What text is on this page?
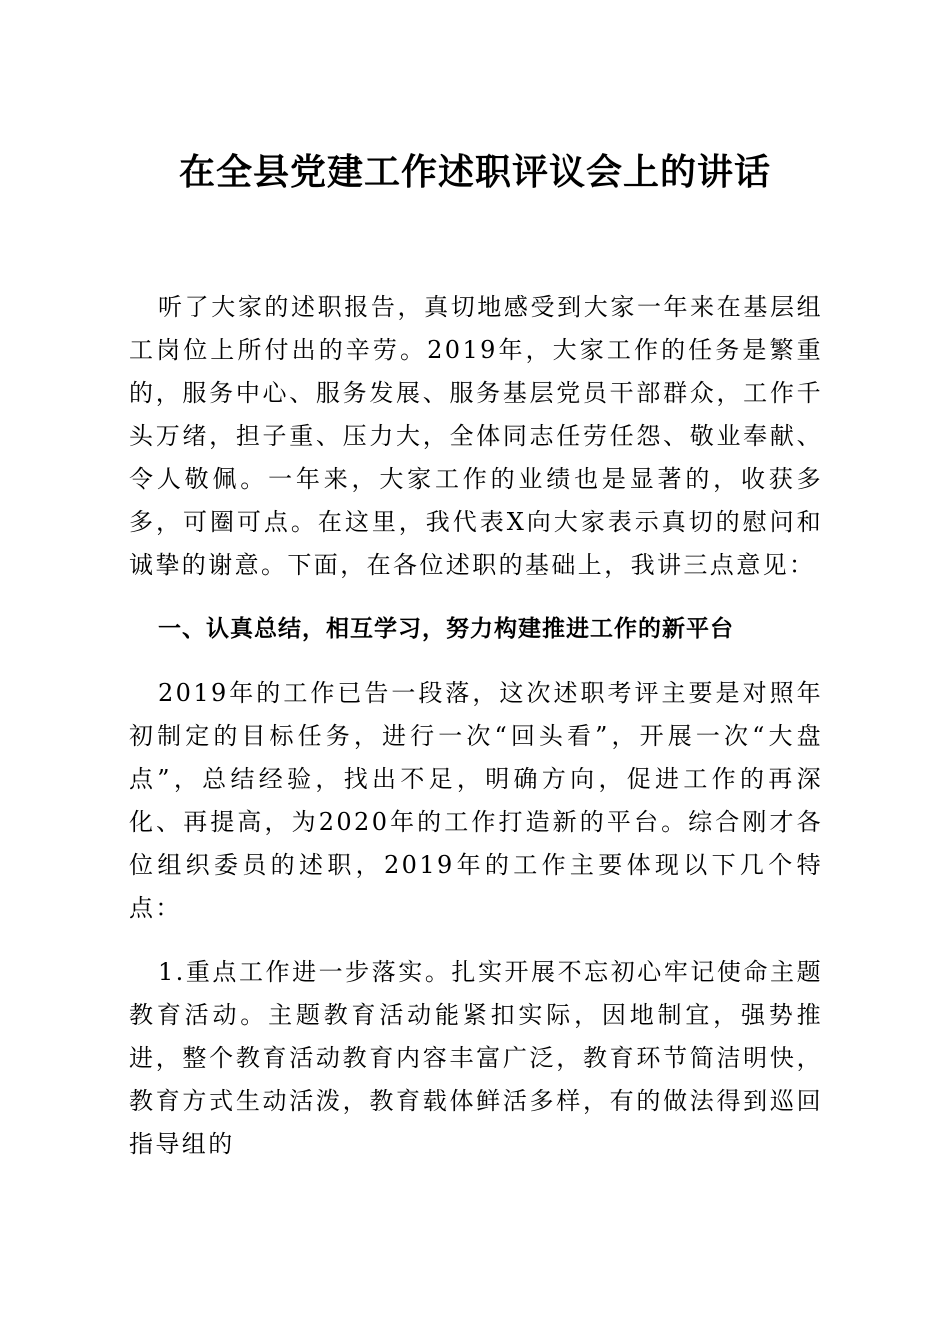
在全县党建工作述职评议会上的讲话

听了大家的述职报告，真切地感受到大家一年来在基层组工岗位上所付出的辛劳。2019年，大家工作的任务是繁重的，服务中心、服务发展、服务基层党员干部群众，工作千头万绪，担子重、压力大，全体同志任劳任怨、敬业奉献、令人敬佩。一年来，大家工作的业绩也是显著的，收获多多，可圈可点。在这里，我代表X向大家表示真切的慰问和诚挚的谢意。下面，在各位述职的基础上，我讲三点意见：

一、认真总结，相互学习，努力构建推进工作的新平台

2019年的工作已告一段落，这次述职考评主要是对照年初制定的目标任务，进行一次“回头看”，开展一次“大盘点”，总结经验，找出不足，明确方向，促进工作的再深化、再提高，为2020年的工作打造新的平台。综合刚才各位组织委员的述职，2019年的工作主要体现以下几个特点：

1.重点工作进一步落实。扎实开展不忘初心牢记使命主题教育活动。主题教育活动能紧扣实际，因地制宜，强势推进，整个教育活动教育内容丰富广泛，教育环节简洁明快，教育方式生动活泼，教育载体鲜活多样，有的做法得到巡回指导组的
